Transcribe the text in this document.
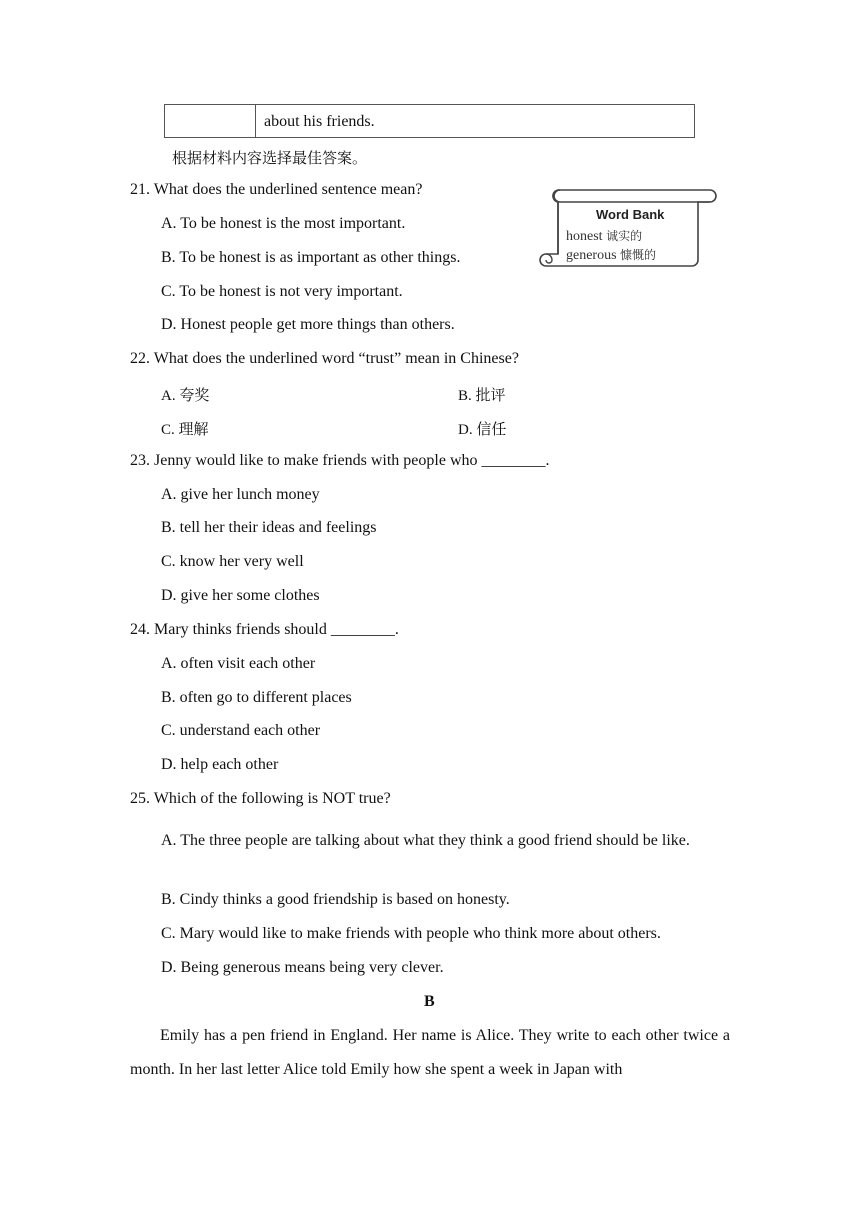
about his friends.
根据材料内容选择最佳答案。
21. What does the underlined sentence mean?
A. To be honest is the most important.
B. To be honest is as important as other things.
C. To be honest is not very important.
D. Honest people get more things than others.
Word Bank
honest 诚实的
generous 慷慨的
22. What does the underlined word “trust” mean in Chinese?
A. 夸奖	B. 批评
C. 理解	D. 信任
23. Jenny would like to make friends with people who ________.
A. give her lunch money
B. tell her their ideas and feelings
C. know her very well
D. give her some clothes
24. Mary thinks friends should ________.
A. often visit each other
B. often go to different places
C. understand each other
D. help each other
25. Which of the following is NOT true?
A. The three people are talking about what they think a good friend should be like.
B. Cindy thinks a good friendship is based on honesty.
C. Mary would like to make friends with people who think more about others.
D. Being generous means being very clever.
B
Emily has a pen friend in England. Her name is Alice. They write to each other twice a month. In her last letter Alice told Emily how she spent a week in Japan with
